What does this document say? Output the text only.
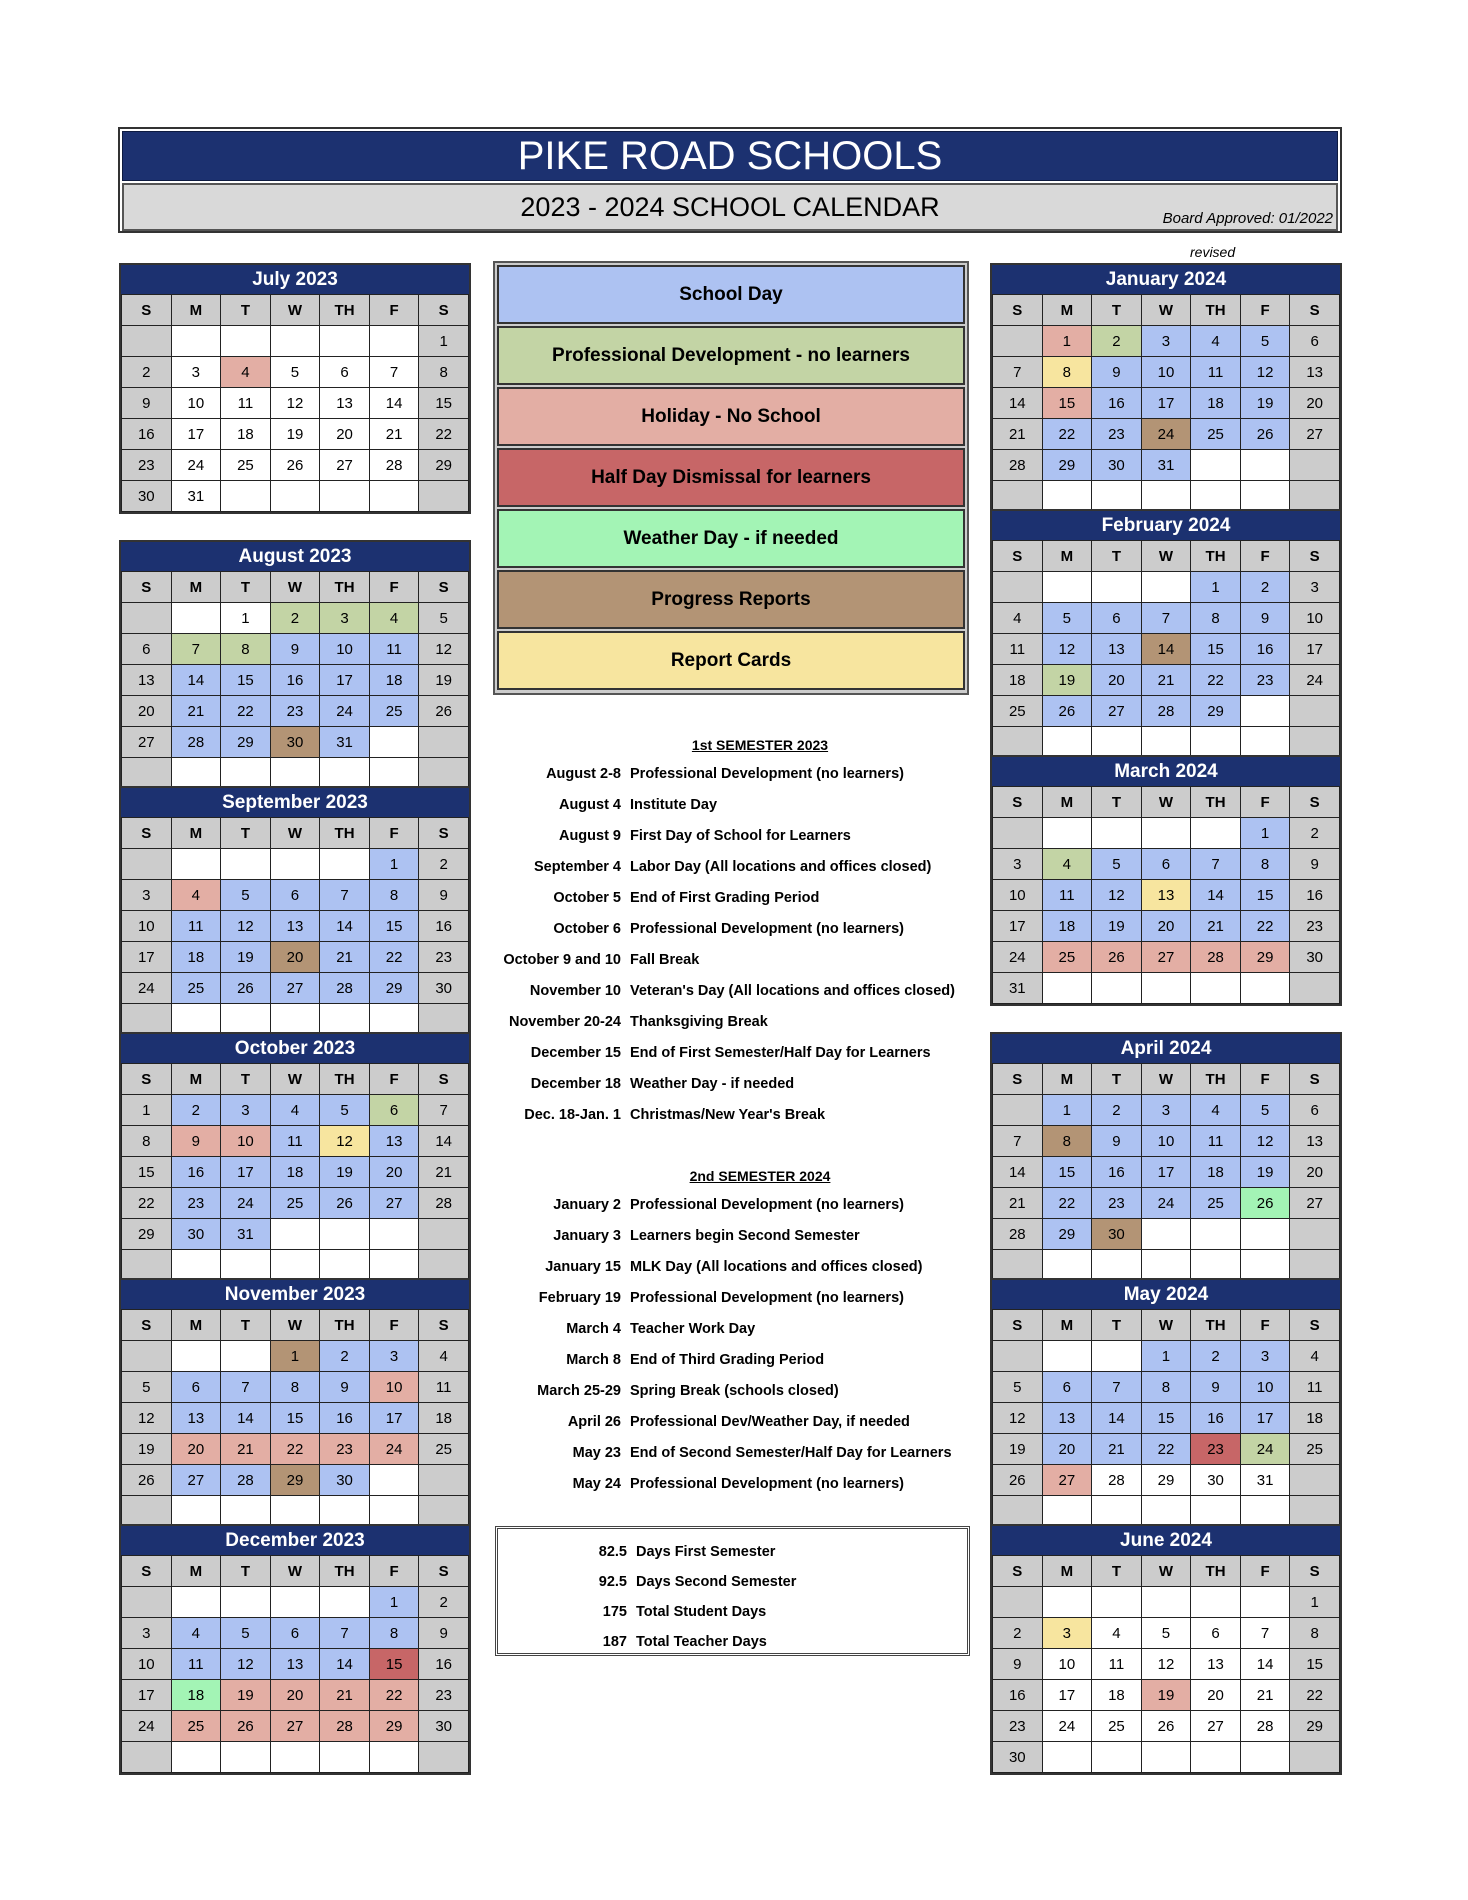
PIKE ROAD SCHOOLS
2023 - 2024 SCHOOL CALENDAR	Board Approved: 01/2022
revised
School Day
Professional Development - no learners
Holiday - No School
Half Day Dismissal for learners
Weather Day - if needed
Progress Reports
Report Cards
1st SEMESTER 2023
August 2-8 Professional Development (no learners)
August 4 Institute Day
August 9 First Day of School for Learners
September 4 Labor Day (All locations and offices closed)
October 5 End of First Grading Period
October 6 Professional Development (no learners)
October 9 and 10 Fall Break
November 10 Veteran's Day (All locations and offices closed)
November 20-24 Thanksgiving Break
December 15 End of First Semester/Half Day for Learners
December 18 Weather Day - if needed
Dec. 18-Jan. 1 Christmas/New Year's Break
2nd SEMESTER 2024
January 2 Professional Development (no learners)
January 3 Learners begin Second Semester
January 15 MLK Day (All locations and offices closed)
February 19 Professional Development (no learners)
March 4 Teacher Work Day
March 8 End of Third Grading Period
March 25-29 Spring Break (schools closed)
April 26 Professional Dev/Weather Day, if needed
May 23 End of Second Semester/Half Day for Learners
May 24 Professional Development (no learners)
82.5 Days First Semester
92.5 Days Second Semester
175 Total Student Days
187 Total Teacher Days
July 2023
S	M	T	W	TH	F	S
						1
2	3	4	5	6	7	8
9	10	11	12	13	14	15
16	17	18	19	20	21	22
23	24	25	26	27	28	29
30	31					
August 2023
S	M	T	W	TH	F	S
		1	2	3	4	5
6	7	8	9	10	11	12
13	14	15	16	17	18	19
20	21	22	23	24	25	26
27	28	29	30	31		

September 2023
S	M	T	W	TH	F	S
					1	2
3	4	5	6	7	8	9
10	11	12	13	14	15	16
17	18	19	20	21	22	23
24	25	26	27	28	29	30

October 2023
S	M	T	W	TH	F	S
1	2	3	4	5	6	7
8	9	10	11	12	13	14
15	16	17	18	19	20	21
22	23	24	25	26	27	28
29	30	31				

November 2023
S	M	T	W	TH	F	S
			1	2	3	4
5	6	7	8	9	10	11
12	13	14	15	16	17	18
19	20	21	22	23	24	25
26	27	28	29	30		

December 2023
S	M	T	W	TH	F	S
					1	2
3	4	5	6	7	8	9
10	11	12	13	14	15	16
17	18	19	20	21	22	23
24	25	26	27	28	29	30

January 2024
S	M	T	W	TH	F	S
	1	2	3	4	5	6
7	8	9	10	11	12	13
14	15	16	17	18	19	20
21	22	23	24	25	26	27
28	29	30	31			

February 2024
S	M	T	W	TH	F	S
				1	2	3
4	5	6	7	8	9	10
11	12	13	14	15	16	17
18	19	20	21	22	23	24
25	26	27	28	29		

March 2024
S	M	T	W	TH	F	S
					1	2
3	4	5	6	7	8	9
10	11	12	13	14	15	16
17	18	19	20	21	22	23
24	25	26	27	28	29	30
31						
April 2024
S	M	T	W	TH	F	S
	1	2	3	4	5	6
7	8	9	10	11	12	13
14	15	16	17	18	19	20
21	22	23	24	25	26	27
28	29	30				

May 2024
S	M	T	W	TH	F	S
			1	2	3	4
5	6	7	8	9	10	11
12	13	14	15	16	17	18
19	20	21	22	23	24	25
26	27	28	29	30	31	

June 2024
S	M	T	W	TH	F	S
						1
2	3	4	5	6	7	8
9	10	11	12	13	14	15
16	17	18	19	20	21	22
23	24	25	26	27	28	29
30						
